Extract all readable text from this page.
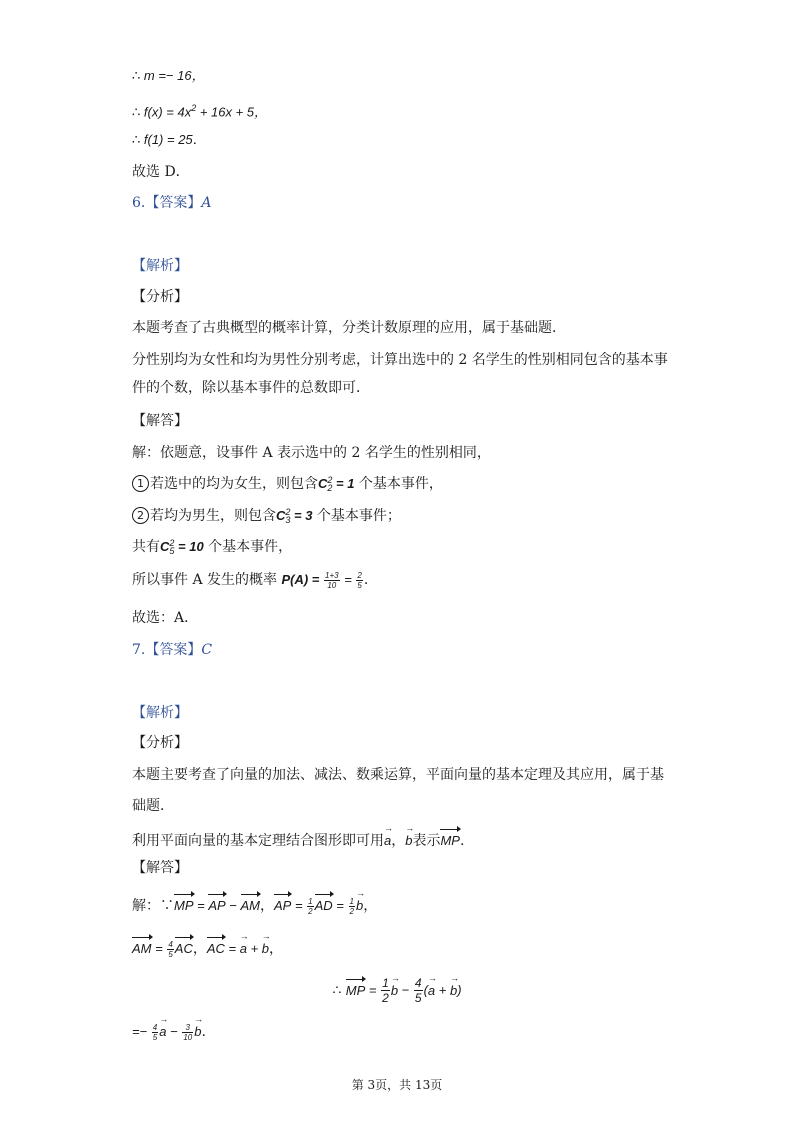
∴ m =− 16，
∴ $f(x) = 4x^2 + 16x + 5$，
∴ f(1) = 25．
故选 D．
6.【答案】A
【解析】
【分析】
本题考查了古典概型的概率计算，分类计数原理的应用，属于基础题．
分性别均为女性和均为男性分别考虑，计算出选中的 2 名学生的性别相同包含的基本事
件的个数，除以基本事件的总数即可．
【解答】
解：依题意，设事件 A 表示选中的 2 名学生的性别相同，
1 若选中的均为女生，则包含C 2
2 = 1 个基本事件，
2 若均为男生，则包含C 2
3 = 3 个基本事件；
共有C 2
5 = 10 个基本事件，
所以事件 A 发生的概率 $P(A) = \frac{1+3}{10} = \frac{2}{5}$ .
故选：A．
7.【答案】C
【解析】
【分析】
本题主要考查了向量的加法、减法、数乘运算，平面向量的基本定理及其应用，属于基
础题．
利用平面向量的基本定理结合图形即可用→ a，→ b表示MP.
【解答】
解：∵MP = AP − AM，AP = $\frac{1}{2}$ AD = $\frac{1}{2}$
→ b，
AM = $\frac{4}{5}$ AC，AC = → a + → b，
∴ MP = $\frac{1}{2}$
→ $b - \frac{4}{5}$ (→ a + → b)
=− $\frac{4}{5}$
→ $a - \frac{3}{10}$
→ b.
第 3页，共 13页
